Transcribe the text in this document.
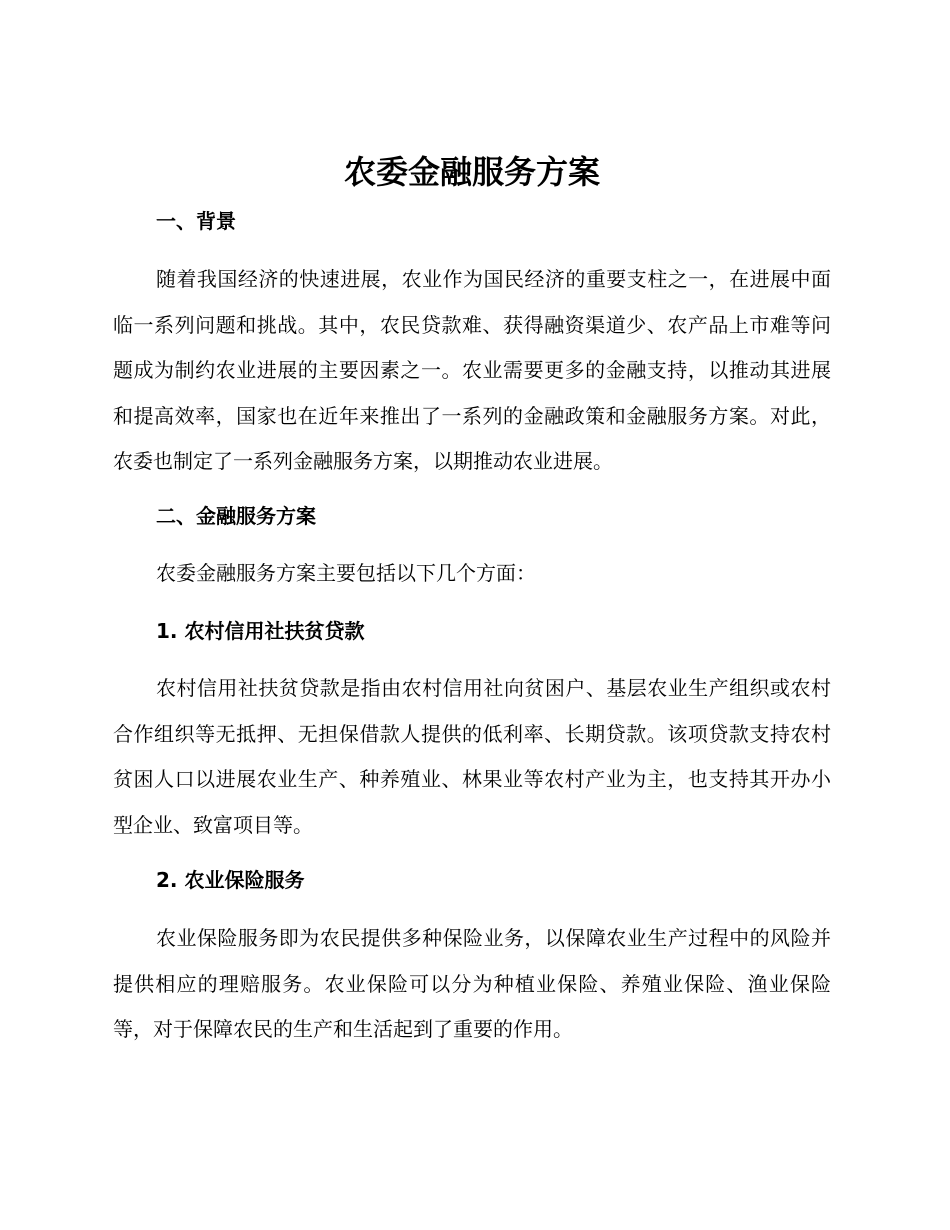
农委金融服务方案
一、背景

随着我国经济的快速进展，农业作为国民经济的重要支柱之一，在进展中面临一系列问题和挑战。其中，农民贷款难、获得融资渠道少、农产品上市难等问题成为制约农业进展的主要因素之一。农业需要更多的金融支持，以推动其进展和提高效率，国家也在近年来推出了一系列的金融政策和金融服务方案。对此，农委也制定了一系列金融服务方案，以期推动农业进展。

二、金融服务方案

农委金融服务方案主要包括以下几个方面：

1. 农村信用社扶贫贷款

农村信用社扶贫贷款是指由农村信用社向贫困户、基层农业生产组织或农村合作组织等无抵押、无担保借款人提供的低利率、长期贷款。该项贷款支持农村贫困人口以进展农业生产、种养殖业、林果业等农村产业为主，也支持其开办小型企业、致富项目等。

2. 农业保险服务

农业保险服务即为农民提供多种保险业务，以保障农业生产过程中的风险并提供相应的理赔服务。农业保险可以分为种植业保险、养殖业保险、渔业保险等，对于保障农民的生产和生活起到了重要的作用。
